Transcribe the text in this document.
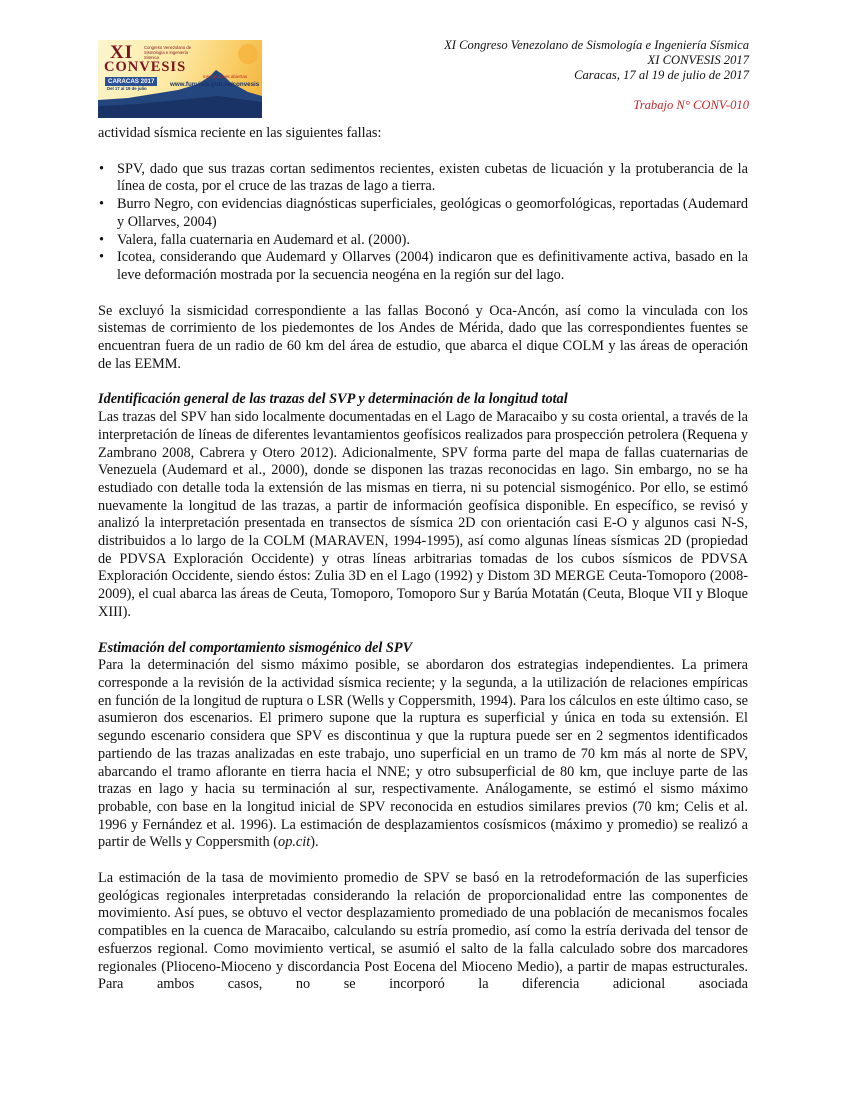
XI	Congreso Venezolano de Sismología e Ingeniería Sísmica
CONVESIS
CARACAS 2017
Del 17 al 19 de julio
inscripciones abiertas
www.funvisis.gob.ve/convesis
XI Congreso Venezolano de Sismología e Ingeniería Sísmica
XI CONVESIS 2017
Caracas, 17 al 19 de julio de 2017
Trabajo N° CONV-010

actividad sísmica reciente en las siguientes fallas:

• SPV, dado que sus trazas cortan sedimentos recientes, existen cubetas de licuación y la protuberancia de la línea de costa, por el cruce de las trazas de lago a tierra.
• Burro Negro, con evidencias diagnósticas superficiales, geológicas o geomorfológicas, reportadas (Audemard y Ollarves, 2004)
• Valera, falla cuaternaria en Audemard et al. (2000).
• Icotea, considerando que Audemard y Ollarves (2004) indicaron que es definitivamente activa, basado en la leve deformación mostrada por la secuencia neogéna en la región sur del lago.

Se excluyó la sismicidad correspondiente a las fallas Boconó y Oca-Ancón, así como la vinculada con los sistemas de corrimiento de los piedemontes de los Andes de Mérida, dado que las correspondientes fuentes se encuentran fuera de un radio de 60 km del área de estudio, que abarca el dique COLM y las áreas de operación de las EEMM.

Identificación general de las trazas del SVP y determinación de la longitud total

Las trazas del SPV han sido localmente documentadas en el Lago de Maracaibo y su costa oriental, a través de la interpretación de líneas de diferentes levantamientos geofísicos realizados para prospección petrolera (Requena y Zambrano 2008, Cabrera y Otero 2012). Adicionalmente, SPV forma parte del mapa de fallas cuaternarias de Venezuela (Audemard et al., 2000), donde se disponen las trazas reconocidas en lago. Sin embargo, no se ha estudiado con detalle toda la extensión de las mismas en tierra, ni su potencial sismogénico. Por ello, se estimó nuevamente la longitud de las trazas, a partir de información geofísica disponible. En específico, se revisó y analizó la interpretación presentada en transectos de sísmica 2D con orientación casi E-O y algunos casi N-S, distribuidos a lo largo de la COLM (MARAVEN, 1994-1995), así como algunas líneas sísmicas 2D (propiedad de PDVSA Exploración Occidente) y otras líneas arbitrarias tomadas de los cubos sísmicos de PDVSA Exploración Occidente, siendo éstos: Zulia 3D en el Lago (1992) y Distom 3D MERGE Ceuta-Tomoporo (2008-2009), el cual abarca las áreas de Ceuta, Tomoporo, Tomoporo Sur y Barúa Motatán (Ceuta, Bloque VII y Bloque XIII).

Estimación del comportamiento sismogénico del SPV

Para la determinación del sismo máximo posible, se abordaron dos estrategias independientes. La primera corresponde a la revisión de la actividad sísmica reciente; y la segunda, a la utilización de relaciones empíricas en función de la longitud de ruptura o LSR (Wells y Coppersmith, 1994). Para los cálculos en este último caso, se asumieron dos escenarios. El primero supone que la ruptura es superficial y única en toda su extensión. El segundo escenario considera que SPV es discontinua y que la ruptura puede ser en 2 segmentos identificados partiendo de las trazas analizadas en este trabajo, uno superficial en un tramo de 70 km más al norte de SPV, abarcando el tramo aflorante en tierra hacia el NNE; y otro subsuperficial de 80 km, que incluye parte de las trazas en lago y hacia su terminación al sur, respectivamente. Análogamente, se estimó el sismo máximo probable, con base en la longitud inicial de SPV reconocida en estudios similares previos (70 km; Celis et al. 1996 y Fernández et al. 1996). La estimación de desplazamientos cosísmicos (máximo y promedio) se realizó a partir de Wells y Coppersmith (op.cit).

La estimación de la tasa de movimiento promedio de SPV se basó en la retrodeformación de las superficies geológicas regionales interpretadas considerando la relación de proporcionalidad entre las componentes de movimiento. Así pues, se obtuvo el vector desplazamiento promediado de una población de mecanismos focales compatibles en la cuenca de Maracaibo, calculando su estría promedio, así como la estría derivada del tensor de esfuerzos regional. Como movimiento vertical, se asumió el salto de la falla calculado sobre dos marcadores regionales (Plioceno-Mioceno y discordancia Post Eocena del Mioceno Medio), a partir de mapas estructurales. Para ambos casos, no se incorporó la diferencia adicional asociada
